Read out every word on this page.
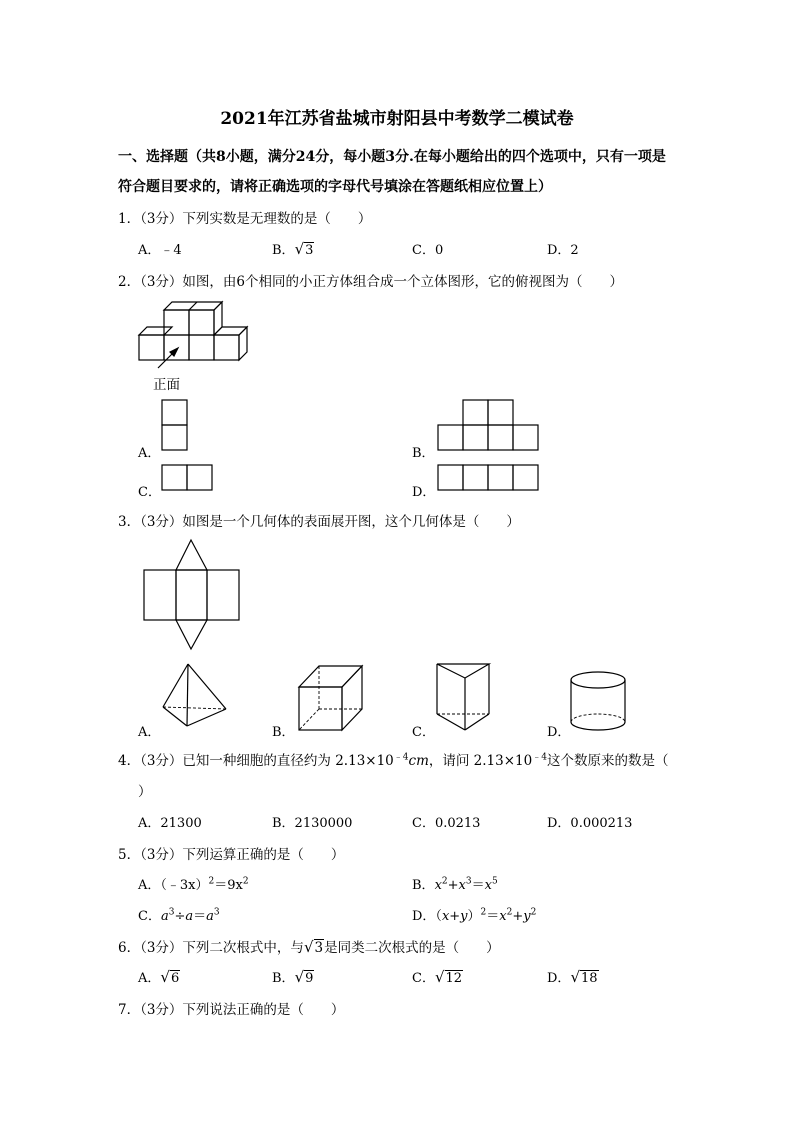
2021年江苏省盐城市射阳县中考数学二模试卷
一、选择题（共8小题，满分24分，每小题3分.在每小题给出的四个选项中，只有一项是
符合题目要求的，请将正确选项的字母代号填涂在答题纸相应位置上）
1．（3分）下列实数是无理数的是（　　）
A．﹣4	B．√3	C．0	D．2
2．（3分）如图，由6个相同的小正方体组合成一个立体图形，它的俯视图为（　　）
正面
A．	B．
C．	D．
3．（3分）如图是一个几何体的表面展开图，这个几何体是（　　）
A．	B．	C．	D．
4．（3分）已知一种细胞的直径约为 $2.13\times 10^{﹣4}cm$，请问 $2.13\times 10^{﹣4}$这个数原来的数是（
）
A．21300	B．2130000	C．0.0213	D．0.000213
5．（3分）下列运算正确的是（　　）
A．$(﹣3x)^2=9x^2$	B．$x^2+x^3=x^5$
C．$a^3\div a=a^3$	D．$(x+y)^2=x^2+y^2$
6．（3分）下列二次根式中，与√3是同类二次根式的是（　　）
A．√6	B．√9	C．√12	D．√18
7．（3分）下列说法正确的是（　　）
